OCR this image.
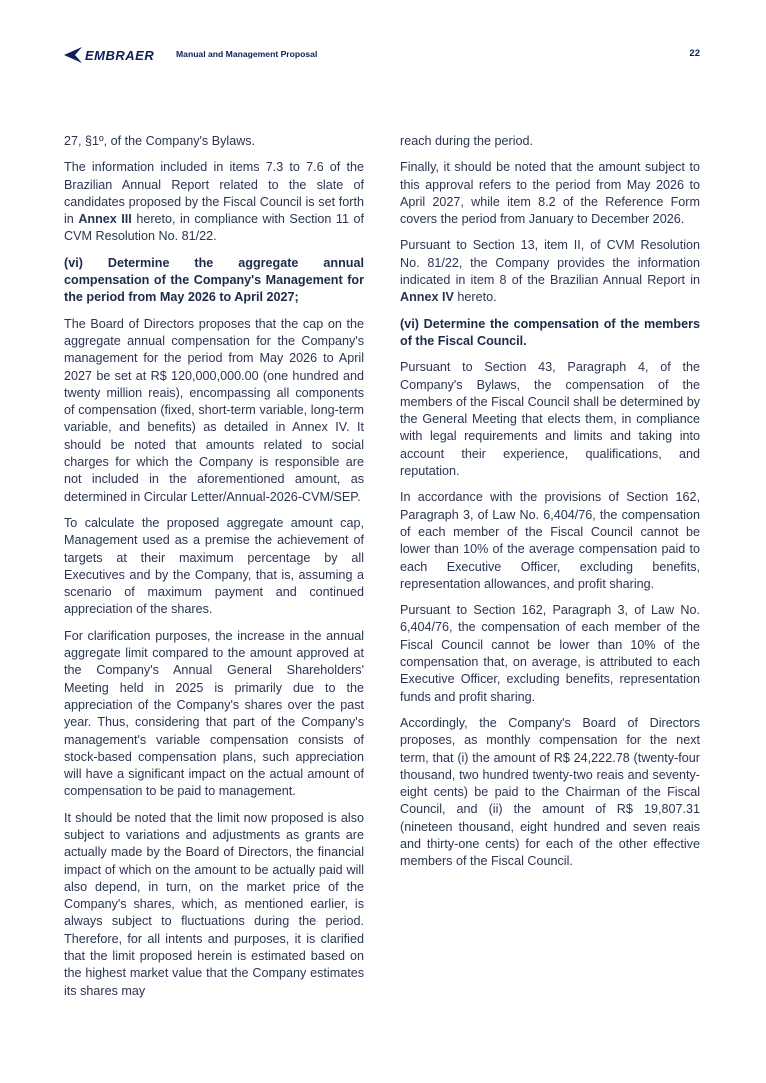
EMBRAER	Manual and Management Proposal	22

27, §1º, of the Company's Bylaws.

The information included in items 7.3 to 7.6 of the Brazilian Annual Report related to the slate of candidates proposed by the Fiscal Council is set forth in Annex III hereto, in compliance with Section 11 of CVM Resolution No. 81/22.

(vi) Determine the aggregate annual compensation of the Company's Management for the period from May 2026 to April 2027;

The Board of Directors proposes that the cap on the aggregate annual compensation for the Company's management for the period from May 2026 to April 2027 be set at R$ 120,000,000.00 (one hundred and twenty million reais), encompassing all components of compensation (fixed, short-term variable, long-term variable, and benefits) as detailed in Annex IV. It should be noted that amounts related to social charges for which the Company is responsible are not included in the aforementioned amount, as determined in Circular Letter/Annual-2026-CVM/SEP.

To calculate the proposed aggregate amount cap, Management used as a premise the achievement of targets at their maximum percentage by all Executives and by the Company, that is, assuming a scenario of maximum payment and continued appreciation of the shares.

For clarification purposes, the increase in the annual aggregate limit compared to the amount approved at the Company's Annual General Shareholders' Meeting held in 2025 is primarily due to the appreciation of the Company's shares over the past year. Thus, considering that part of the Company's management's variable compensation consists of stock-based compensation plans, such appreciation will have a significant impact on the actual amount of compensation to be paid to management.

It should be noted that the limit now proposed is also subject to variations and adjustments as grants are actually made by the Board of Directors, the financial impact of which on the amount to be actually paid will also depend, in turn, on the market price of the Company's shares, which, as mentioned earlier, is always subject to fluctuations during the period. Therefore, for all intents and purposes, it is clarified that the limit proposed herein is estimated based on the highest market value that the Company estimates its shares may

reach during the period.

Finally, it should be noted that the amount subject to this approval refers to the period from May 2026 to April 2027, while item 8.2 of the Reference Form covers the period from January to December 2026.

Pursuant to Section 13, item II, of CVM Resolution No. 81/22, the Company provides the information indicated in item 8 of the Brazilian Annual Report in Annex IV hereto.

(vi) Determine the compensation of the members of the Fiscal Council.

Pursuant to Section 43, Paragraph 4, of the Company's Bylaws, the compensation of the members of the Fiscal Council shall be determined by the General Meeting that elects them, in compliance with legal requirements and limits and taking into account their experience, qualifications, and reputation.

In accordance with the provisions of Section 162, Paragraph 3, of Law No. 6,404/76, the compensation of each member of the Fiscal Council cannot be lower than 10% of the average compensation paid to each Executive Officer, excluding benefits, representation allowances, and profit sharing.

Pursuant to Section 162, Paragraph 3, of Law No. 6,404/76, the compensation of each member of the Fiscal Council cannot be lower than 10% of the compensation that, on average, is attributed to each Executive Officer, excluding benefits, representation funds and profit sharing.

Accordingly, the Company's Board of Directors proposes, as monthly compensation for the next term, that (i) the amount of R$ 24,222.78 (twenty-four thousand, two hundred twenty-two reais and seventy-eight cents) be paid to the Chairman of the Fiscal Council, and (ii) the amount of R$ 19,807.31 (nineteen thousand, eight hundred and seven reais and thirty-one cents) for each of the other effective members of the Fiscal Council.
